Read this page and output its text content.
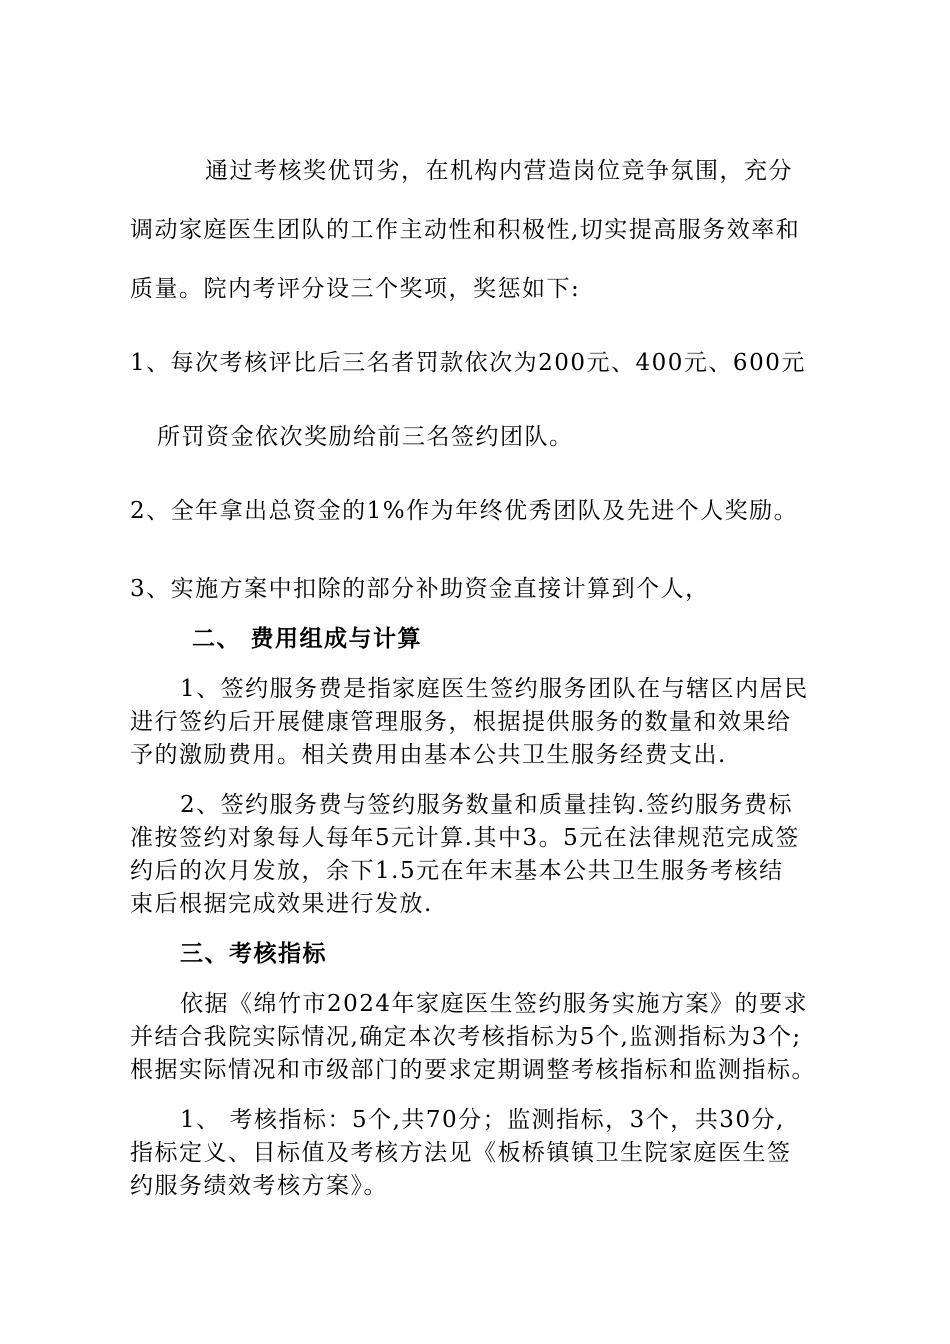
通过考核奖优罚劣，在机构内营造岗位竞争氛围，充分
调动家庭医生团队的工作主动性和积极性,切实提高服务效率和
质量。院内考评分设三个奖项，奖惩如下:
1、每次考核评比后三名者罚款依次为200元、400元、600元
所罚资金依次奖励给前三名签约团队。
2、全年拿出总资金的1%作为年终优秀团队及先进个人奖励。
3、实施方案中扣除的部分补助资金直接计算到个人，
二、 费用组成与计算
1、签约服务费是指家庭医生签约服务团队在与辖区内居民
进行签约后开展健康管理服务，根据提供服务的数量和效果给
予的激励费用。相关费用由基本公共卫生服务经费支出.
2、签约服务费与签约服务数量和质量挂钩.签约服务费标
准按签约对象每人每年5元计算.其中3。5元在法律规范完成签
约后的次月发放，余下1.5元在年末基本公共卫生服务考核结
束后根据完成效果进行发放.
三、考核指标
依据《绵竹市2024年家庭医生签约服务实施方案》的要求
并结合我院实际情况,确定本次考核指标为5个,监测指标为3个;
根据实际情况和市级部门的要求定期调整考核指标和监测指标。
1、 考核指标：5个,共70分；监测指标，3个，共30分,
指标定义、目标值及考核方法见《板桥镇镇卫生院家庭医生签
约服务绩效考核方案》。
